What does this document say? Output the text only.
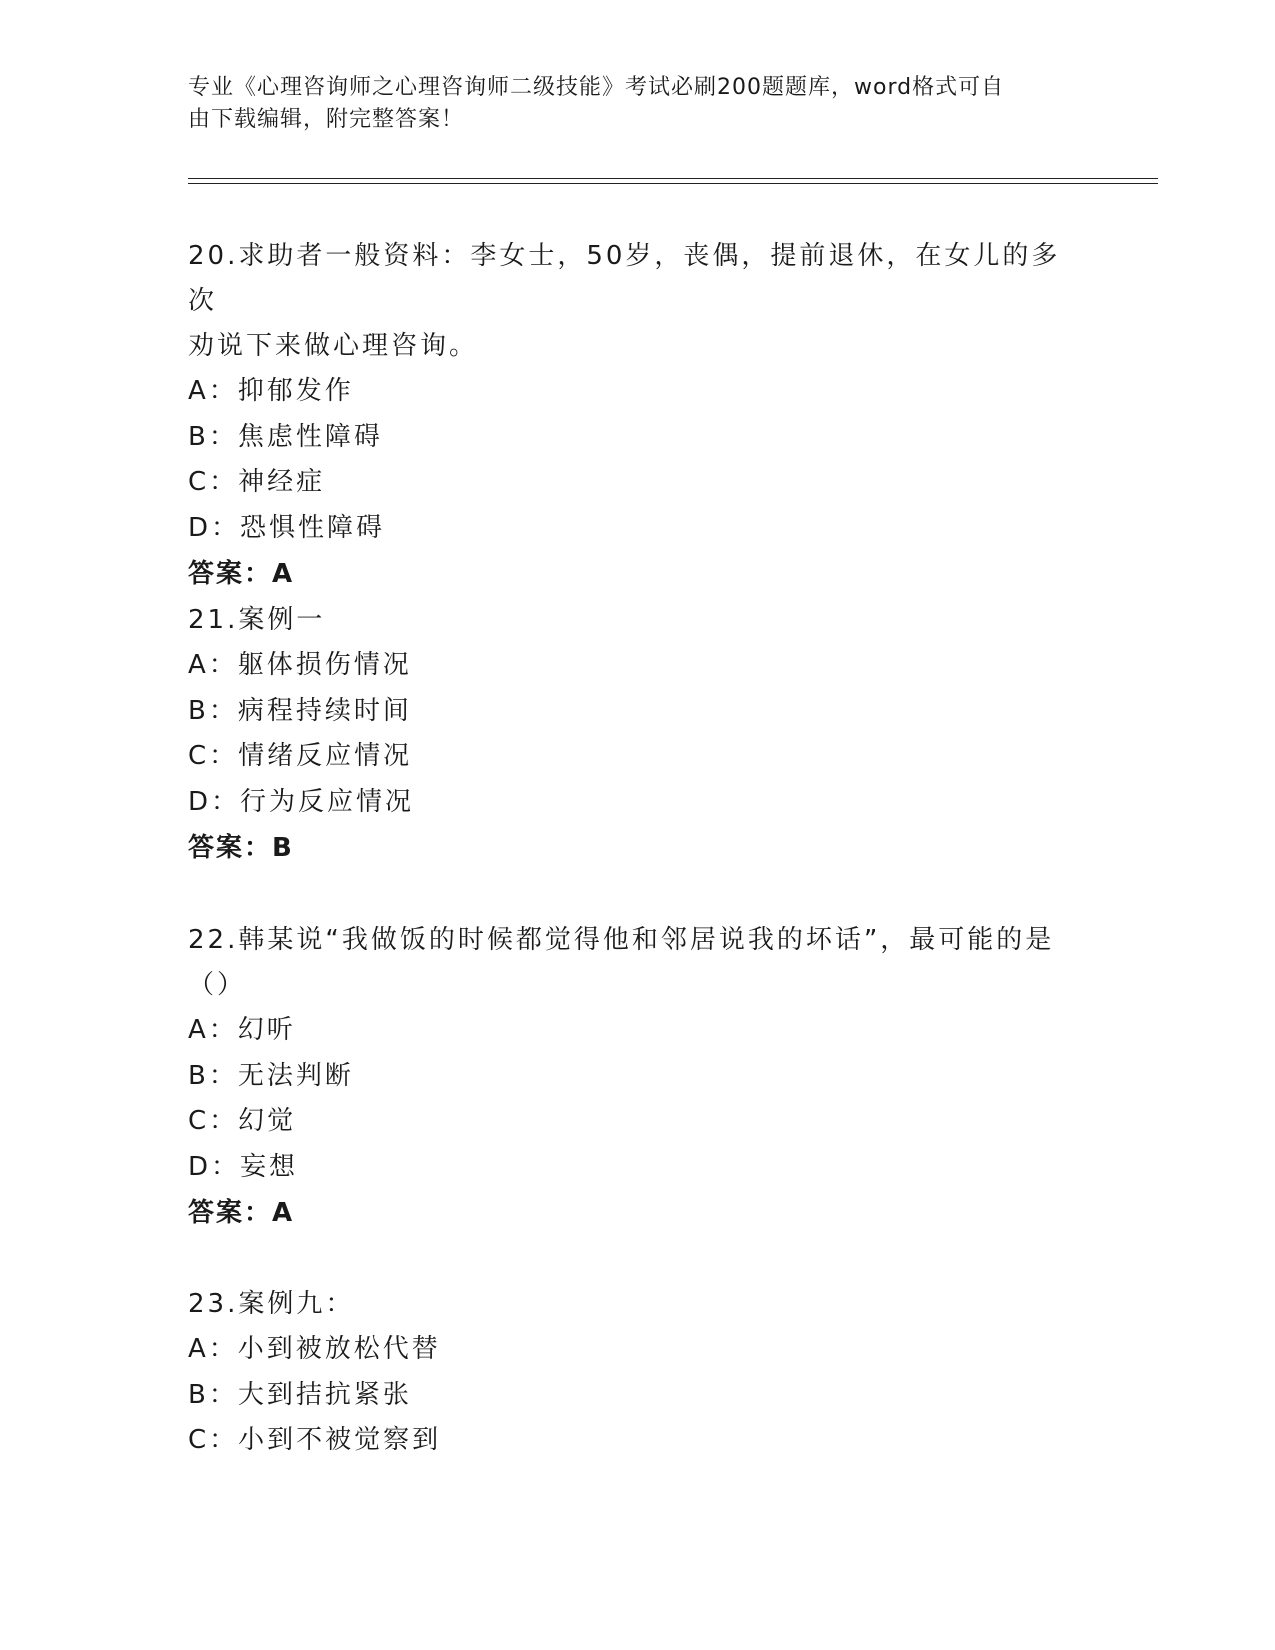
专业《心理咨询师之心理咨询师二级技能》考试必刷200题题库，word格式可自
由下载编辑，附完整答案！
20.求助者一般资料：李女士，50岁，丧偶，提前退休，在女儿的多次
劝说下来做心理咨询。
A：抑郁发作
B：焦虑性障碍
C：神经症
D：恐惧性障碍
答案：A
21.案例一
A：躯体损伤情况
B：病程持续时间
C：情绪反应情况
D：行为反应情况
答案：B
22.韩某说“我做饭的时候都觉得他和邻居说我的坏话”，最可能的是
（）
A：幻听
B：无法判断
C：幻觉
D：妄想
答案：A
23.案例九：
A：小到被放松代替
B：大到拮抗紧张
C：小到不被觉察到
